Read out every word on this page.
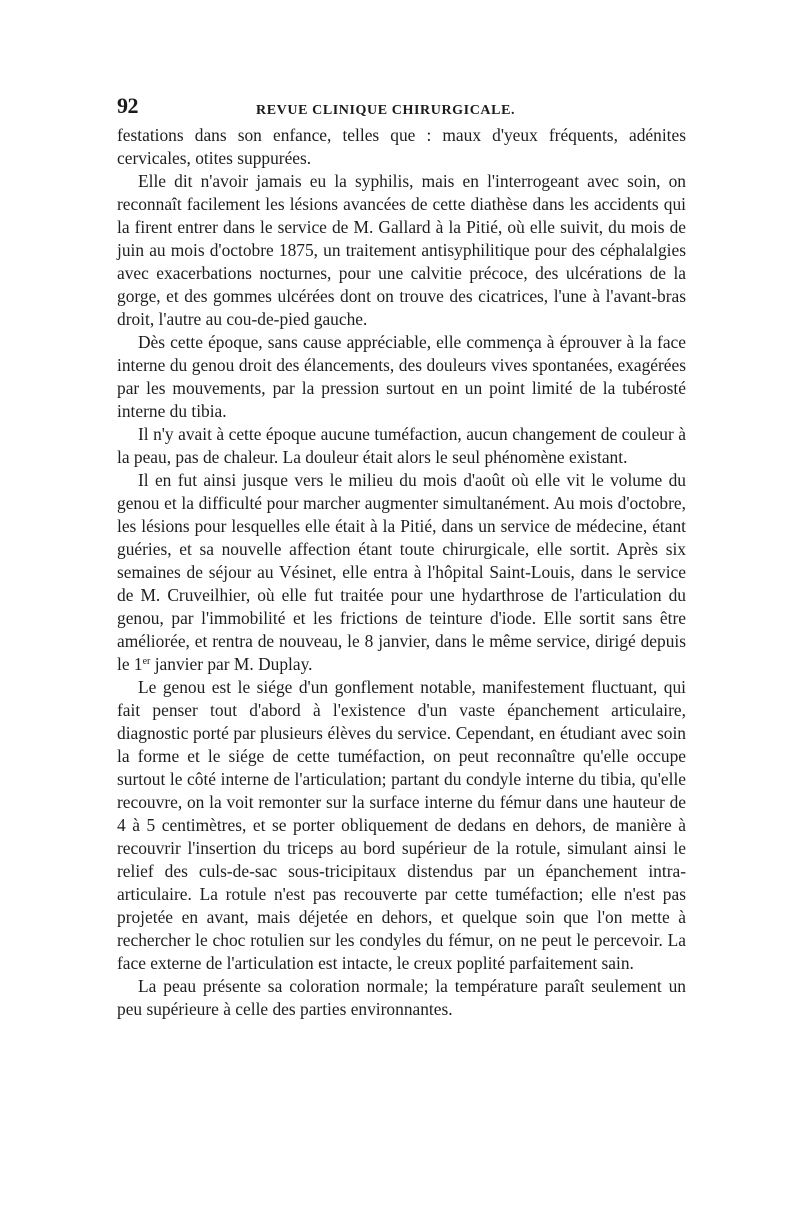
92	REVUE CLINIQUE CHIRURGICALE.

festations dans son enfance, telles que : maux d'yeux fréquents, adénites cervicales, otites suppurées.

Elle dit n'avoir jamais eu la syphilis, mais en l'interrogeant avec soin, on reconnaît facilement les lésions avancées de cette diathèse dans les accidents qui la firent entrer dans le service de M. Gallard à la Pitié, où elle suivit, du mois de juin au mois d'octobre 1875, un traitement antisyphilitique pour des céphalalgies avec exacerbations nocturnes, pour une calvitie précoce, des ulcérations de la gorge, et des gommes ulcérées dont on trouve des cicatrices, l'une à l'avant-bras droit, l'autre au cou-de-pied gauche.

Dès cette époque, sans cause appréciable, elle commença à éprouver à la face interne du genou droit des élancements, des douleurs vives spontanées, exagérées par les mouvements, par la pression surtout en un point limité de la tubérosté interne du tibia.

Il n'y avait à cette époque aucune tuméfaction, aucun changement de couleur à la peau, pas de chaleur. La douleur était alors le seul phénomène existant.

Il en fut ainsi jusque vers le milieu du mois d'août où elle vit le volume du genou et la difficulté pour marcher augmenter simultanément. Au mois d'octobre, les lésions pour lesquelles elle était à la Pitié, dans un service de médecine, étant guéries, et sa nouvelle affection étant toute chirurgicale, elle sortit. Après six semaines de séjour au Vésinet, elle entra à l'hôpital Saint-Louis, dans le service de M. Cruveilhier, où elle fut traitée pour une hydarthrose de l'articulation du genou, par l'immobilité et les frictions de teinture d'iode. Elle sortit sans être améliorée, et rentra de nouveau, le 8 janvier, dans le même service, dirigé depuis le 1er janvier par M. Duplay.

Le genou est le siége d'un gonflement notable, manifestement fluctuant, qui fait penser tout d'abord à l'existence d'un vaste épanchement articulaire, diagnostic porté par plusieurs élèves du service. Cependant, en étudiant avec soin la forme et le siége de cette tuméfaction, on peut reconnaître qu'elle occupe surtout le côté interne de l'articulation; partant du condyle interne du tibia, qu'elle recouvre, on la voit remonter sur la surface interne du fémur dans une hauteur de 4 à 5 centimètres, et se porter obliquement de dedans en dehors, de manière à recouvrir l'insertion du triceps au bord supérieur de la rotule, simulant ainsi le relief des culs-de-sac sous-tricipitaux distendus par un épanchement intra-articulaire. La rotule n'est pas recouverte par cette tuméfaction; elle n'est pas projetée en avant, mais déjetée en dehors, et quelque soin que l'on mette à rechercher le choc rotulien sur les condyles du fémur, on ne peut le percevoir. La face externe de l'articulation est intacte, le creux poplité parfaitement sain.

La peau présente sa coloration normale; la température paraît seulement un peu supérieure à celle des parties environnantes.
